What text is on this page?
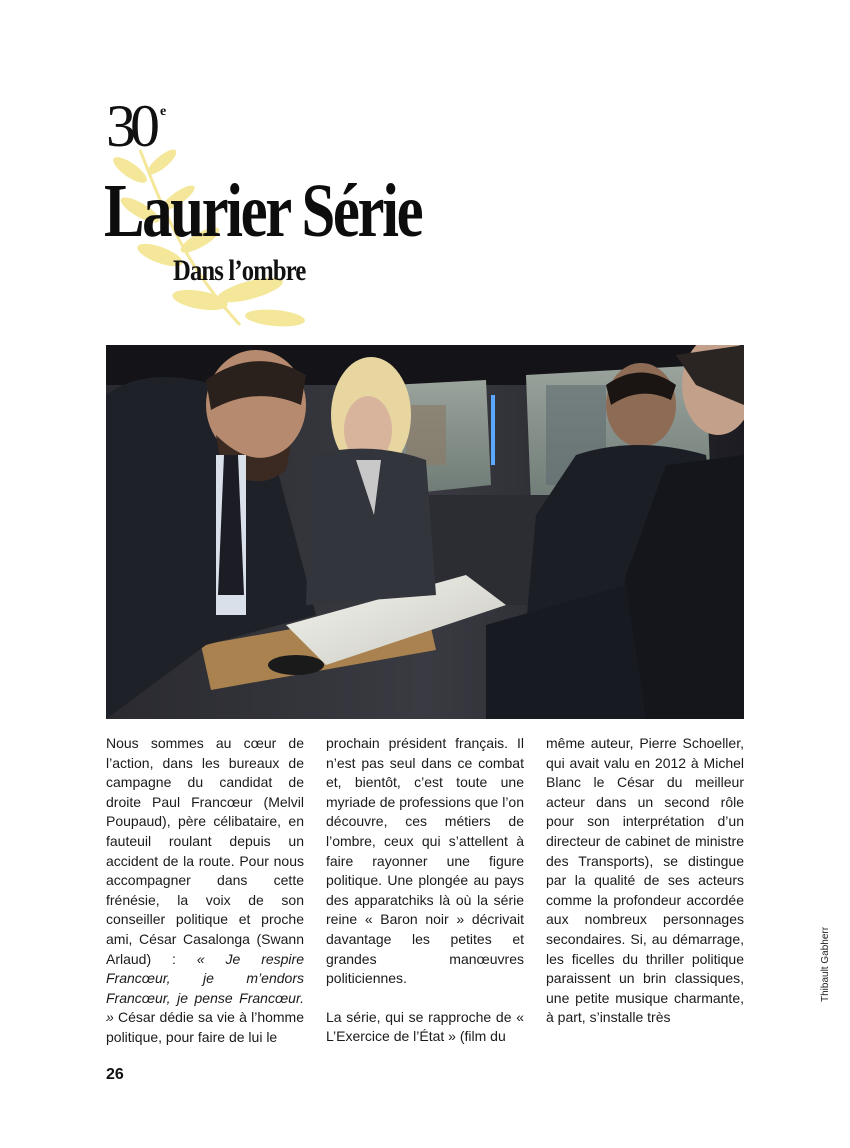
30 e
Laurier Série
Dans l’ombre

Nous sommes au cœur de l’action, dans les bureaux de campagne du candidat de droite Paul Francœur (Melvil Poupaud), père célibataire, en fauteuil roulant depuis un accident de la route. Pour nous accompagner dans cette frénésie, la voix de son conseiller politique et proche ami, César Casalonga (Swann Arlaud) : « Je respire Francœur, je m’endors Francœur, je pense Francœur. » César dédie sa vie à l’homme politique, pour faire de lui le

prochain président français. Il n’est pas seul dans ce combat et, bientôt, c’est toute une myriade de professions que l’on découvre, ces métiers de l’ombre, ceux qui s’attellent à faire rayonner une figure politique. Une plongée au pays des apparatchiks là où la série reine « Baron noir » décrivait davantage les petites et grandes manœuvres politiciennes.

La série, qui se rapproche de « L’Exercice de l’État » (film du

même auteur, Pierre Schoeller, qui avait valu en 2012 à Michel Blanc le César du meilleur acteur dans un second rôle pour son interprétation d’un directeur de cabinet de ministre des Transports), se distingue par la qualité de ses acteurs comme la profondeur accordée aux nombreux personnages secondaires. Si, au démarrage, les ficelles du thriller politique paraissent un brin classiques, une petite musique charmante, à part, s’installe très

Thibault Gabherr
26
